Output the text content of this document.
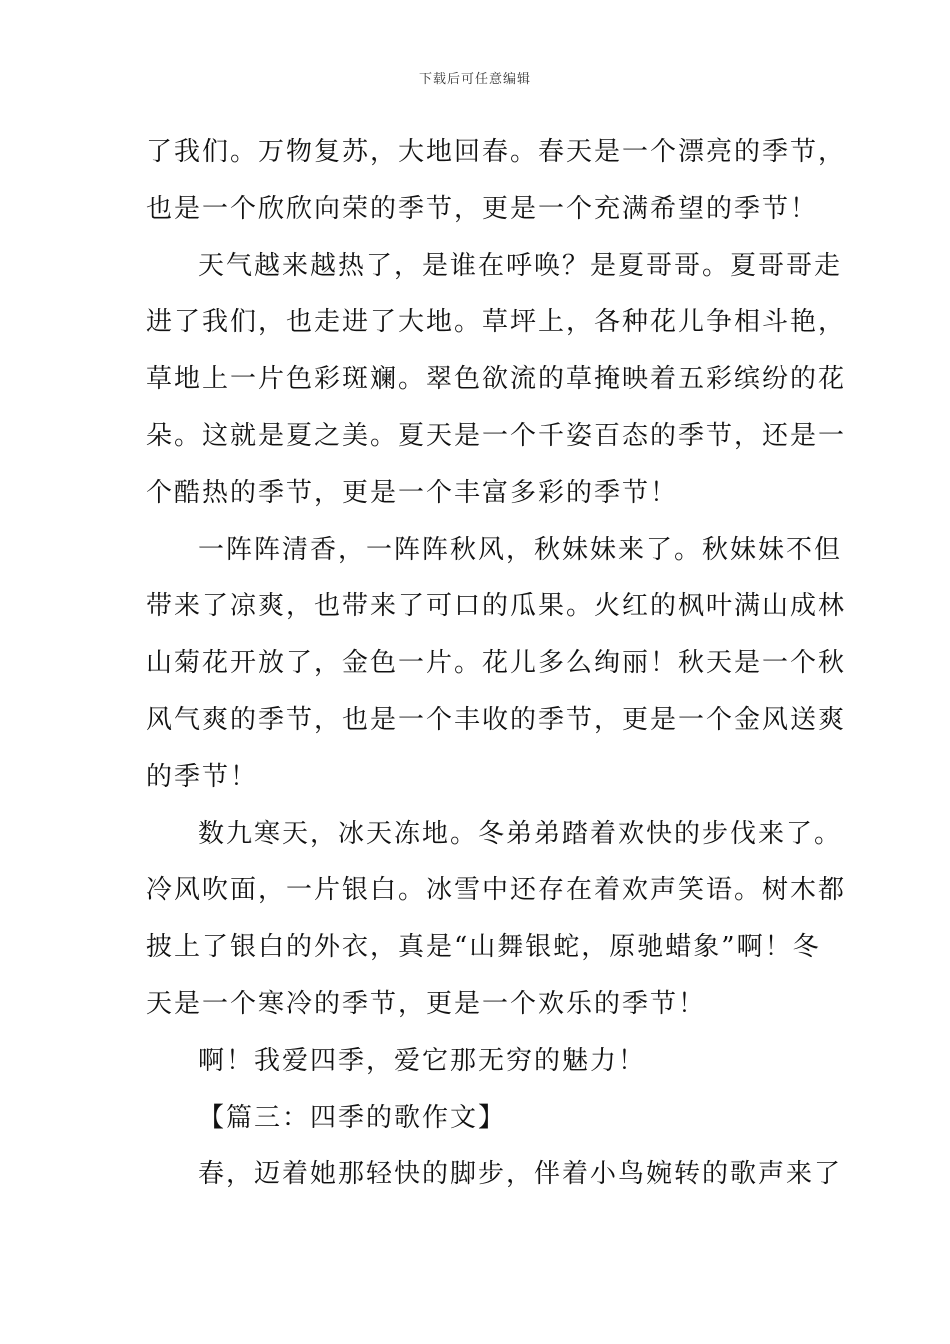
下载后可任意编辑
了我们。万物复苏，大地回春。春天是一个漂亮的季节，
也是一个欣欣向荣的季节，更是一个充满希望的季节！
天气越来越热了，是谁在呼唤？是夏哥哥。夏哥哥走
进了我们，也走进了大地。草坪上，各种花儿争相斗艳，
草地上一片色彩斑斓。翠色欲流的草掩映着五彩缤纷的花
朵。这就是夏之美。夏天是一个千姿百态的季节，还是一
个酷热的季节，更是一个丰富多彩的季节！
一阵阵清香，一阵阵秋风，秋妹妹来了。秋妹妹不但
带来了凉爽，也带来了可口的瓜果。火红的枫叶满山成林
山菊花开放了，金色一片。花儿多么绚丽！秋天是一个秋
风气爽的季节，也是一个丰收的季节，更是一个金风送爽
的季节！
数九寒天，冰天冻地。冬弟弟踏着欢快的步伐来了。
冷风吹面，一片银白。冰雪中还存在着欢声笑语。树木都
披上了银白的外衣，真是“山舞银蛇，原驰蜡象”啊！冬
天是一个寒冷的季节，更是一个欢乐的季节！
啊！我爱四季，爱它那无穷的魅力！
【篇三：四季的歌作文】
春，迈着她那轻快的脚步，伴着小鸟婉转的歌声来了
